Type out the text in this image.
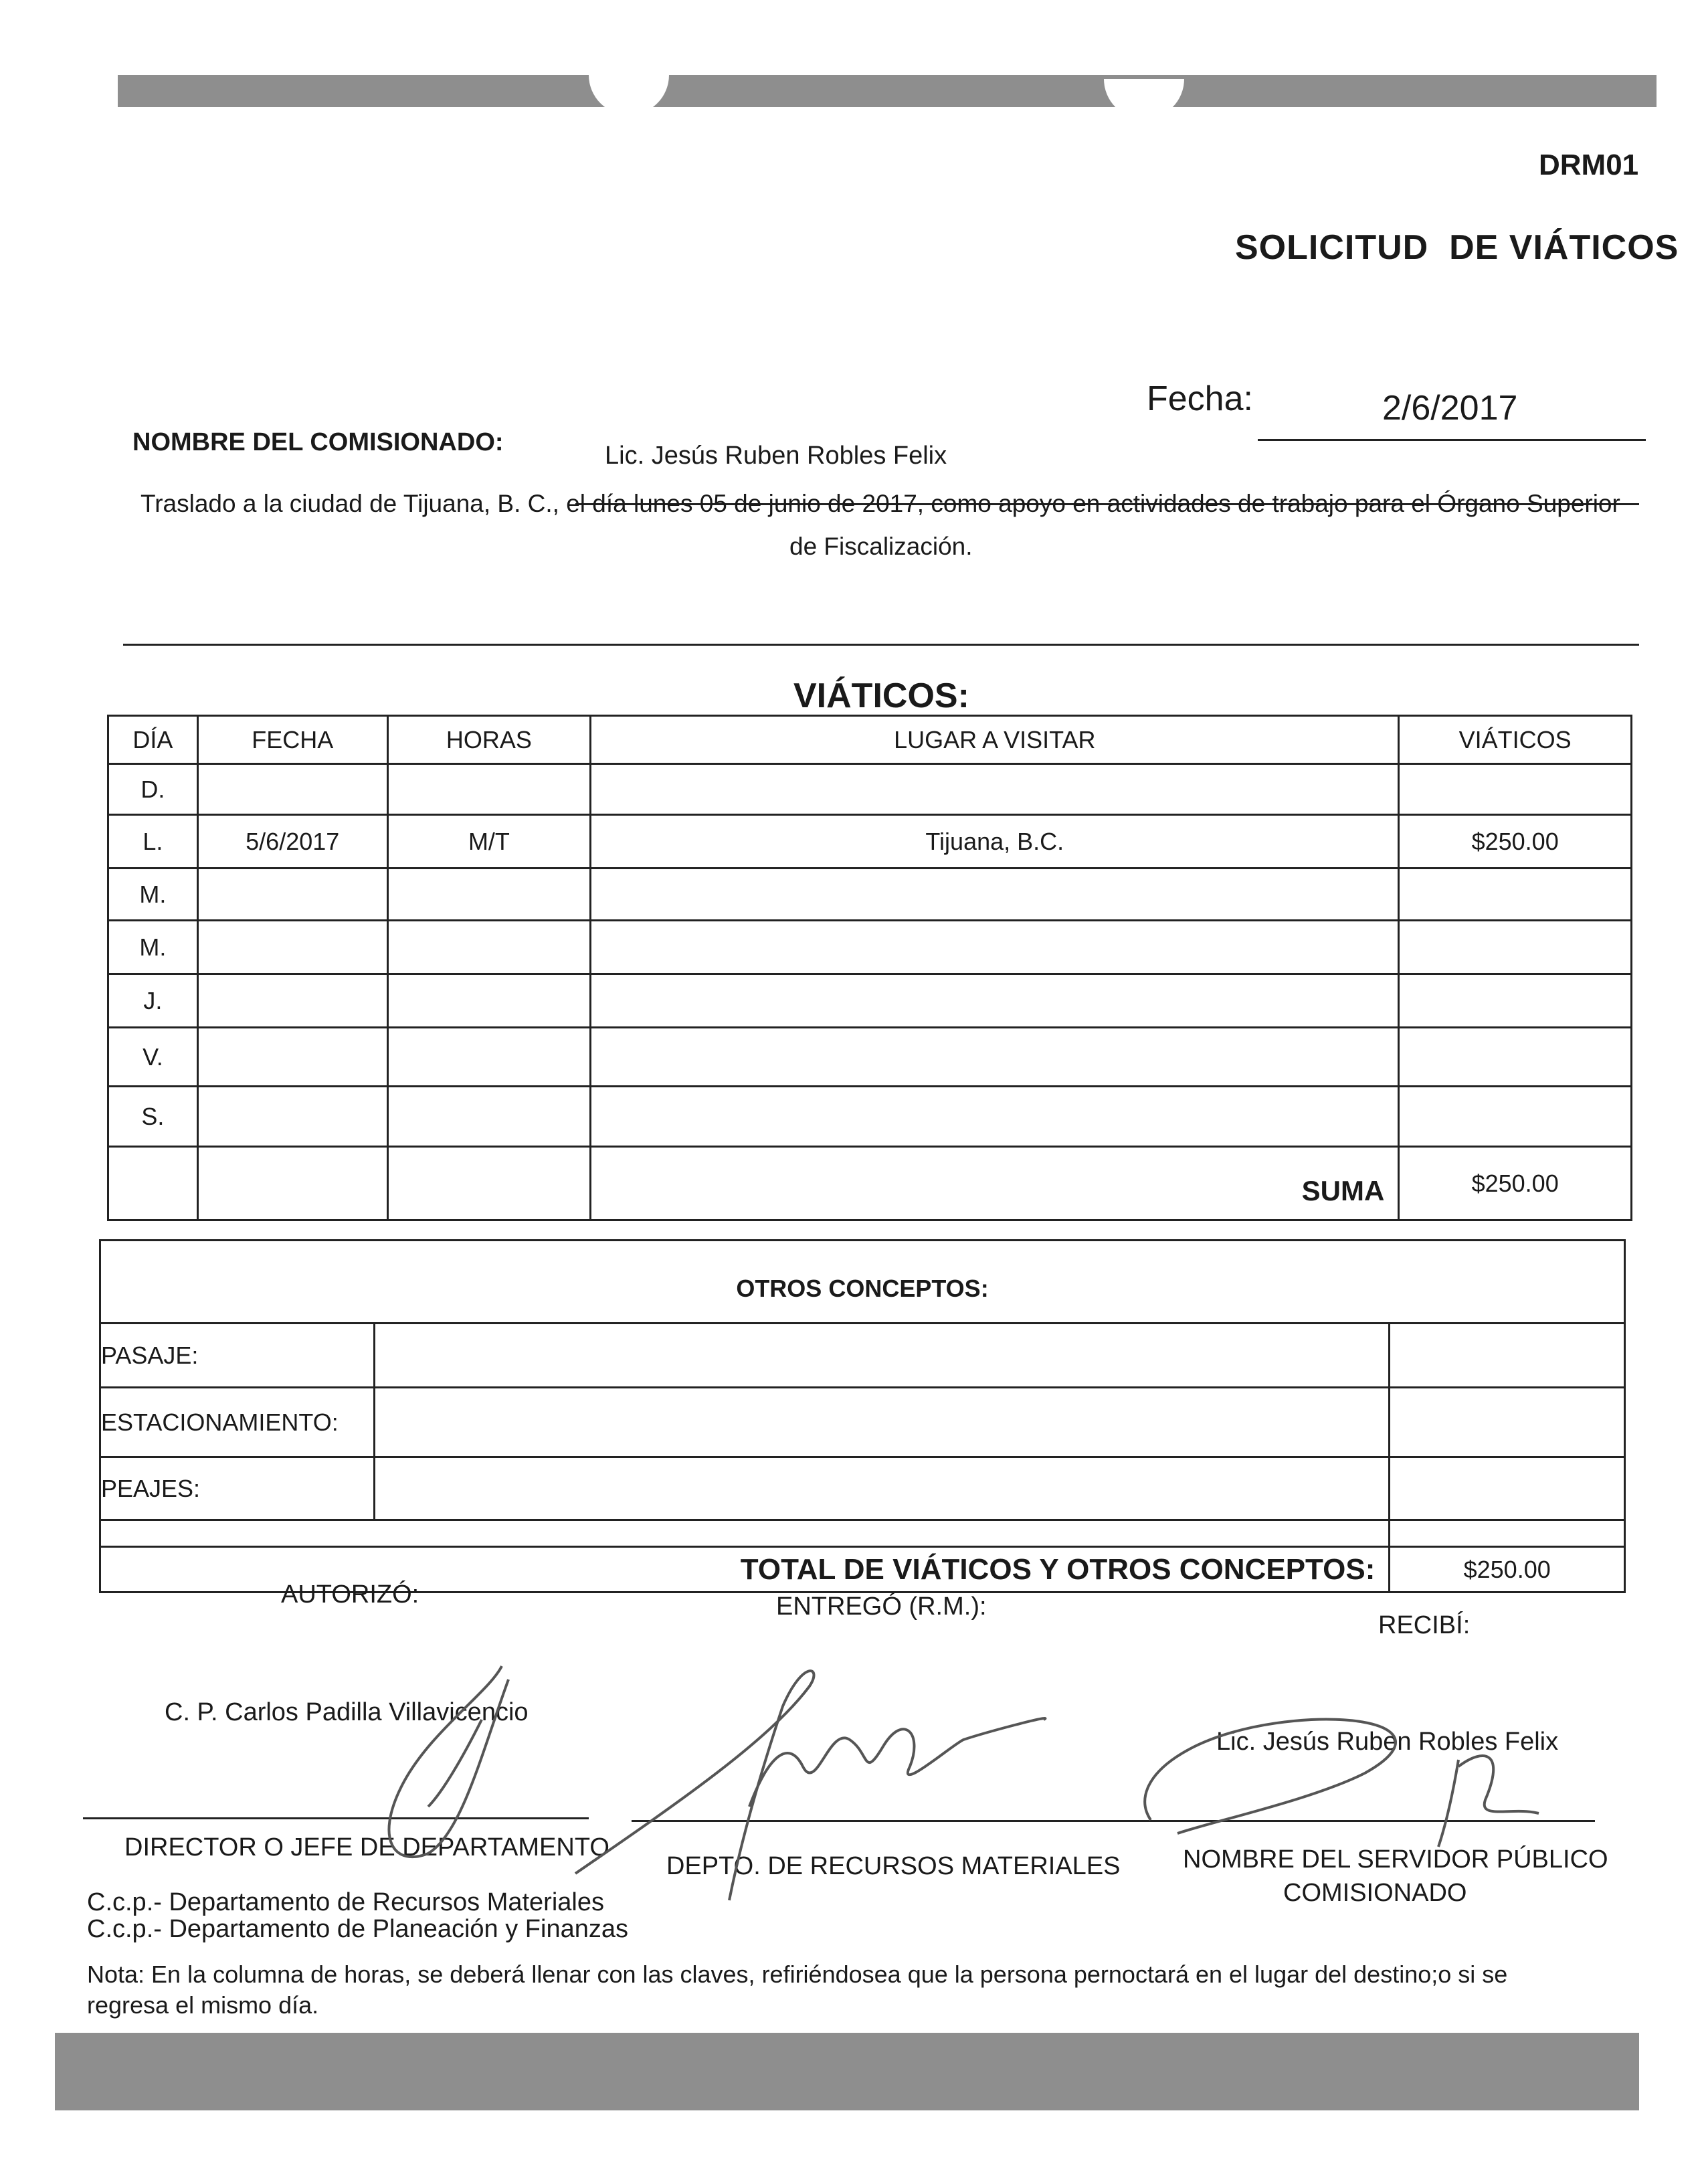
DRM01
SOLICITUD  DE VIÁTICOS
Fecha:	2/6/2017
NOMBRE DEL COMISIONADO:	Lic. Jesús Ruben Robles Felix
Traslado a la ciudad de Tijuana, B. C., el día lunes 05 de junio de 2017, como apoyo en actividades de trabajo para el Órgano Superior
de Fiscalización.
VIÁTICOS:
DÍA	FECHA	HORAS	LUGAR A VISITAR	VIÁTICOS
D.				
L.	5/6/2017	M/T	Tijuana, B.C.	$250.00
M.				
M.				
J.				
V.				
S.				
			SUMA	$250.00
OTROS CONCEPTOS:		
PASAJE:		
ESTACIONAMIENTO:		
PEAJES:		

TOTAL DE VIÁTICOS Y OTROS CONCEPTOS:		$250.00
AUTORIZÓ:	ENTREGÓ (R.M.):
RECIBÍ:
C. P. Carlos Padilla Villavicencio
Lic. Jesús Ruben Robles Felix
DIRECTOR O JEFE DE DEPARTAMENTO
DEPTO. DE RECURSOS MATERIALES NOMBRE DEL SERVIDOR PÚBLICO
COMISIONADO
C.c.p.- Departamento de Recursos Materiales
C.c.p.- Departamento de Planeación y Finanzas
Nota: En la columna de horas, se deberá llenar con las claves, refiriéndosea que la persona pernoctará en el lugar del destino;o si se
regresa el mismo día.
